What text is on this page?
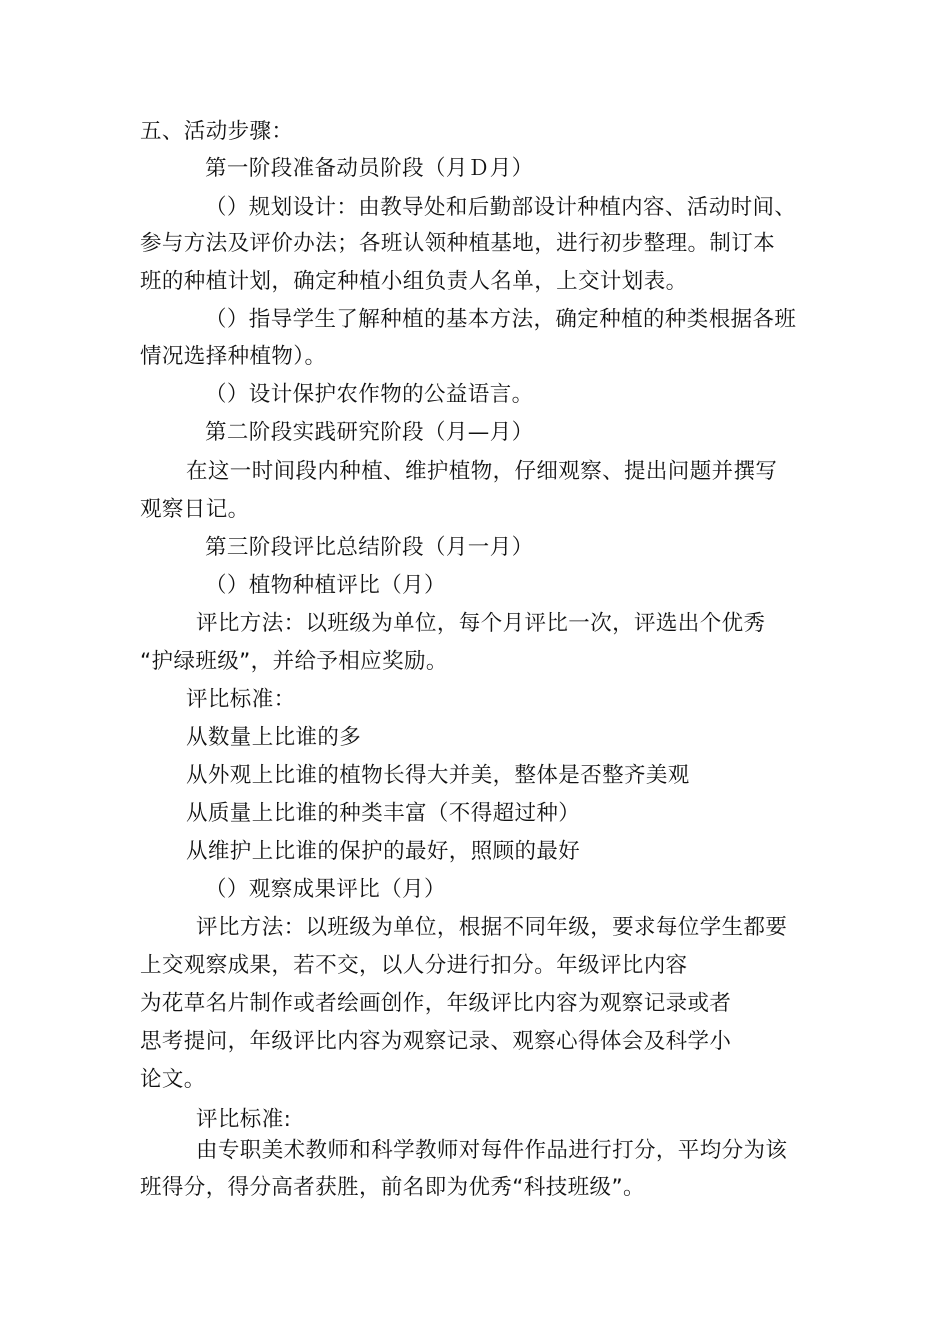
五、活动步骤：
第一阶段准备动员阶段（月Ｄ月）
（）规划设计：由教导处和后勤部设计种植内容、活动时间、
参与方法及评价办法；各班认领种植基地，进行初步整理。制订本
班的种植计划，确定种植小组负责人名单，上交计划表。
（）指导学生了解种植的基本方法，确定种植的种类根据各班
情况选择种植物）。
（）设计保护农作物的公益语言。
第二阶段实践研究阶段（月—月）
在这一时间段内种植、维护植物，仔细观察、提出问题并撰写
观察日记。
第三阶段评比总结阶段（月一月）
（）植物种植评比（月）
评比方法：以班级为单位，每个月评比一次，评选出个优秀
“护绿班级”，并给予相应奖励。
评比标准：
从数量上比谁的多
从外观上比谁的植物长得大并美，整体是否整齐美观
从质量上比谁的种类丰富（不得超过种）
从维护上比谁的保护的最好，照顾的最好
（）观察成果评比（月）
评比方法：以班级为单位，根据不同年级，要求每位学生都要
上交观察成果，若不交，以人分进行扣分。年级评比内容
为花草名片制作或者绘画创作，年级评比内容为观察记录或者
思考提问，年级评比内容为观察记录、观察心得体会及科学小
论文。
评比标准:
由专职美术教师和科学教师对每件作品进行打分，平均分为该
班得分，得分高者获胜，前名即为优秀“科技班级”。
